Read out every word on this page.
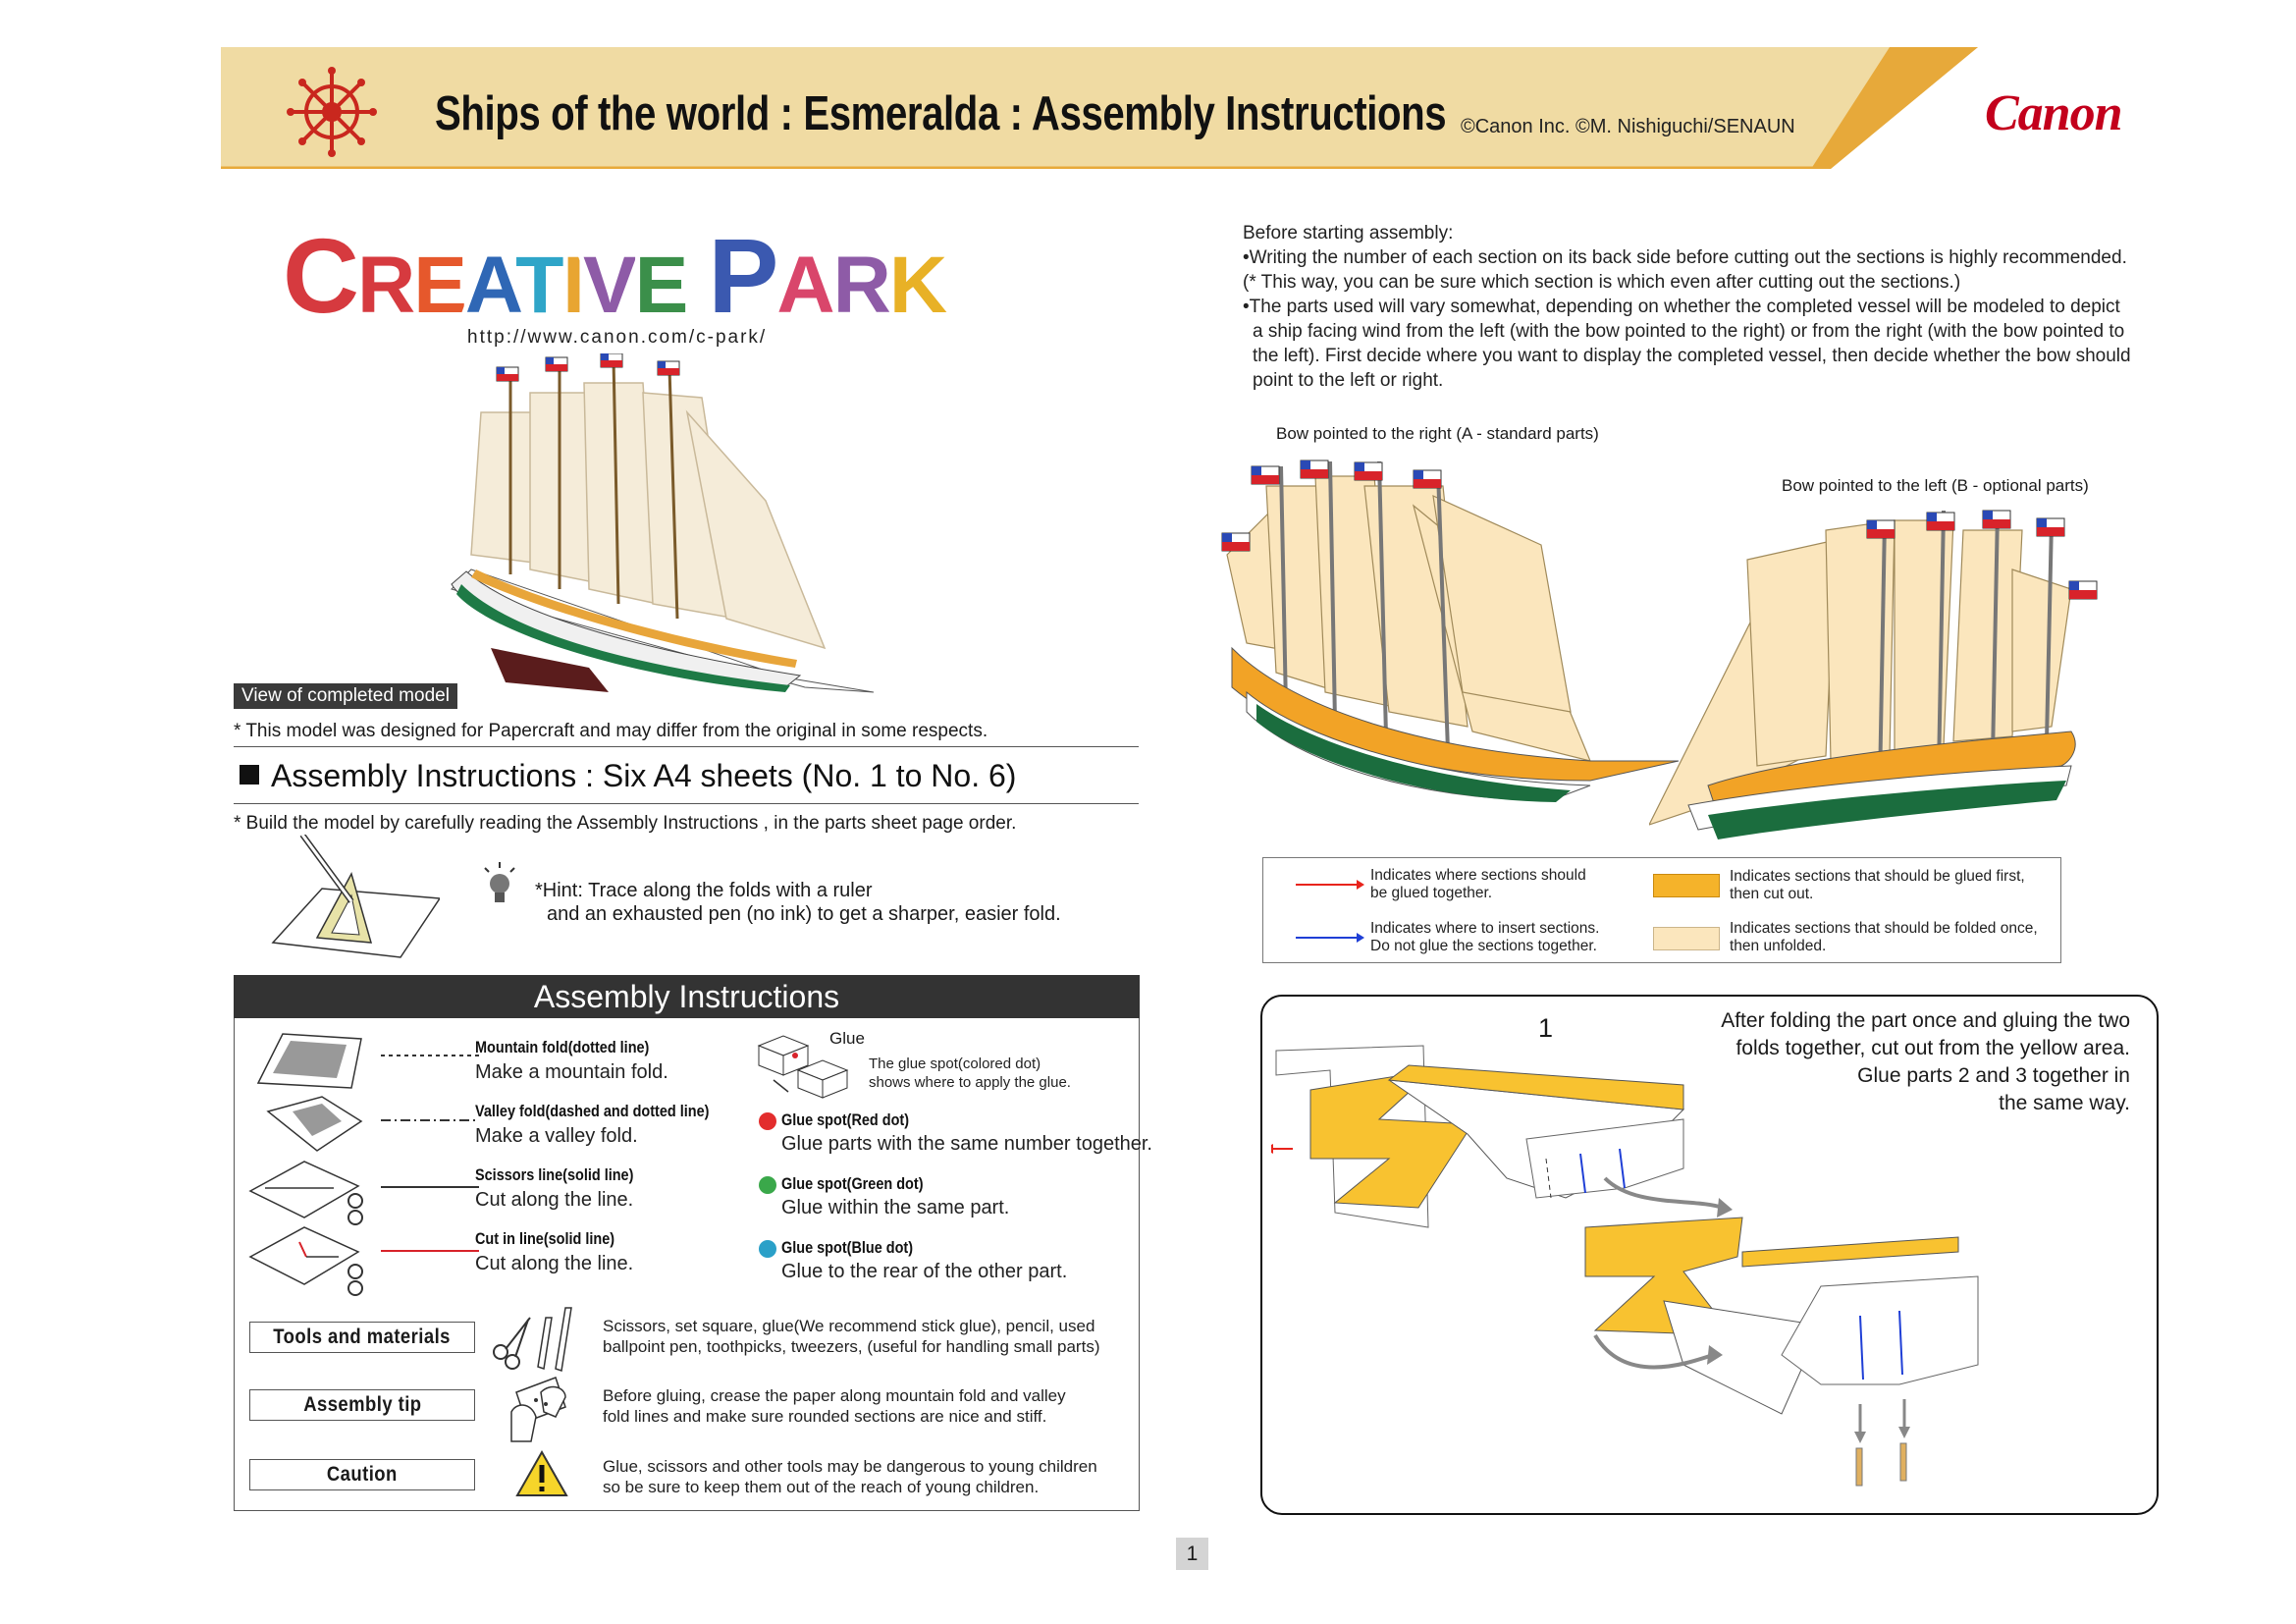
Ships of the world : Esmeralda : Assembly Instructions ©Canon Inc. ©M. Nishiguchi/SENAUN	Canon
CREATIVE PARK
http://www.canon.com/c-park/
View of completed model
* This model was designed for Papercraft and may differ from the original in some respects.
Assembly Instructions : Six A4 sheets (No. 1 to No. 6)
* Build the model by carefully reading the Assembly Instructions , in the parts sheet page order.
*Hint: Trace along the folds with a ruler
and an exhausted pen (no ink) to get a sharper, easier fold.
Assembly Instructions
Mountain fold(dotted line)
Make a mountain fold.
Valley fold(dashed and dotted line)
Make a valley fold.
Scissors line(solid line)
Cut along the line.
Cut in line(solid line)
Cut along the line.
Glue
The glue spot(colored dot)
shows where to apply the glue.
Glue spot(Red dot)
Glue parts with the same number together.
Glue spot(Green dot)
Glue within the same part.
Glue spot(Blue dot)
Glue to the rear of the other part.
Tools and materials	Scissors, set square, glue(We recommend stick glue), pencil, used
ballpoint pen, toothpicks, tweezers, (useful for handling small parts)
Assembly tip	Before gluing, crease the paper along mountain fold and valley
fold lines and make sure rounded sections are nice and stiff.
Caution	Glue, scissors and other tools may be dangerous to young children
so be sure to keep them out of the reach of young children.

Before starting assembly:

•Writing the number of each section on its back side before cutting out the sections is highly recommended.

(* This way, you can be sure which section is which even after cutting out the sections.)

•The parts used will vary somewhat, depending on whether the completed vessel will be modeled to depict

a ship facing wind from the left (with the bow pointed to the right) or from the right (with the bow pointed to

the left). First decide where you want to display the completed vessel, then decide whether the bow should

point to the left or right.

Bow pointed to the right (A - standard parts)
Bow pointed to the left (B - optional parts)
Indicates where sections should
be glued together.
Indicates where to insert sections.
Do not glue the sections together.
Indicates sections that should be glued first,
then cut out.
Indicates sections that should be folded once,
then unfolded.
1	After folding the part once and gluing the two
folds together, cut out from the yellow area.
Glue parts 2 and 3 together in
the same way.
1
